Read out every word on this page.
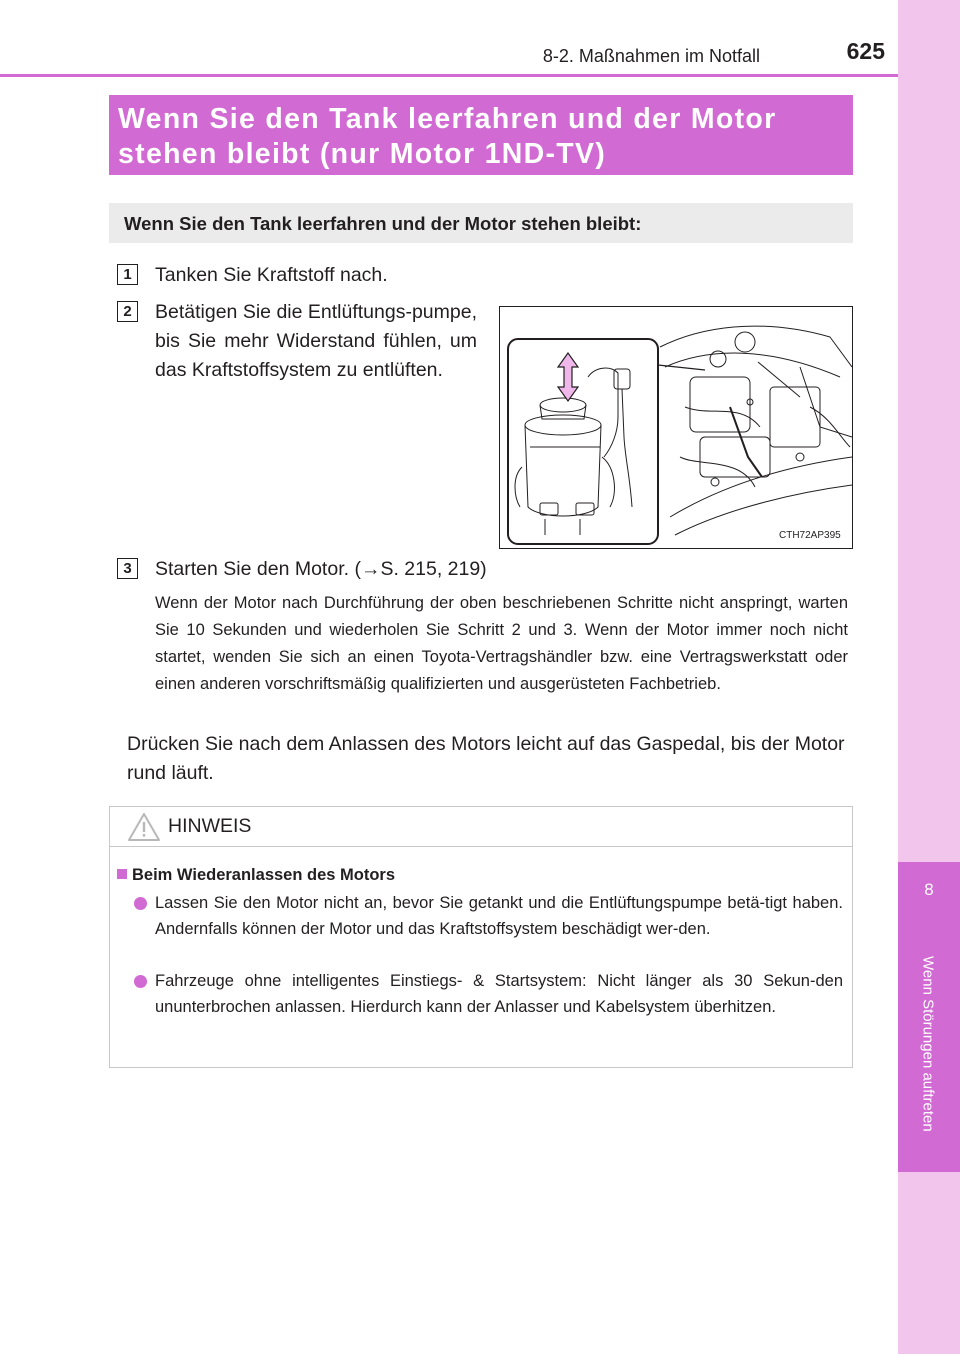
8
Wenn Störungen auftreten
8-2. Maßnahmen im Notfall	625

Wenn Sie den Tank leerfahren und der Motor

stehen bleibt (nur Motor 1ND-TV)

Wenn Sie den Tank leerfahren und der Motor stehen bleibt:
1	Tanken Sie Kraftstoff nach.
2	Betätigen Sie die Entlüftungs-pumpe, bis Sie mehr Widerstand fühlen, um das Kraftstoffsystem zu entlüften.
CTH72AP395
3	Starten Sie den Motor. (→S. 215, 219)
Wenn der Motor nach Durchführung der oben beschriebenen Schritte nicht anspringt, warten Sie 10 Sekunden und wiederholen Sie Schritt 2 und 3. Wenn der Motor immer noch nicht startet, wenden Sie sich an einen Toyota-Vertragshändler bzw. eine Vertragswerkstatt oder einen anderen vorschriftsmäßig qualifizierten und ausgerüsteten Fachbetrieb.
Drücken Sie nach dem Anlassen des Motors leicht auf das Gaspedal, bis der Motor rund läuft.
HINWEIS
Beim Wiederanlassen des Motors
Lassen Sie den Motor nicht an, bevor Sie getankt und die Entlüftungspumpe betä-tigt haben. Andernfalls können der Motor und das Kraftstoffsystem beschädigt wer-den.
Fahrzeuge ohne intelligentes Einstiegs- & Startsystem: Nicht länger als 30 Sekun-den ununterbrochen anlassen. Hierdurch kann der Anlasser und Kabelsystem überhitzen.
